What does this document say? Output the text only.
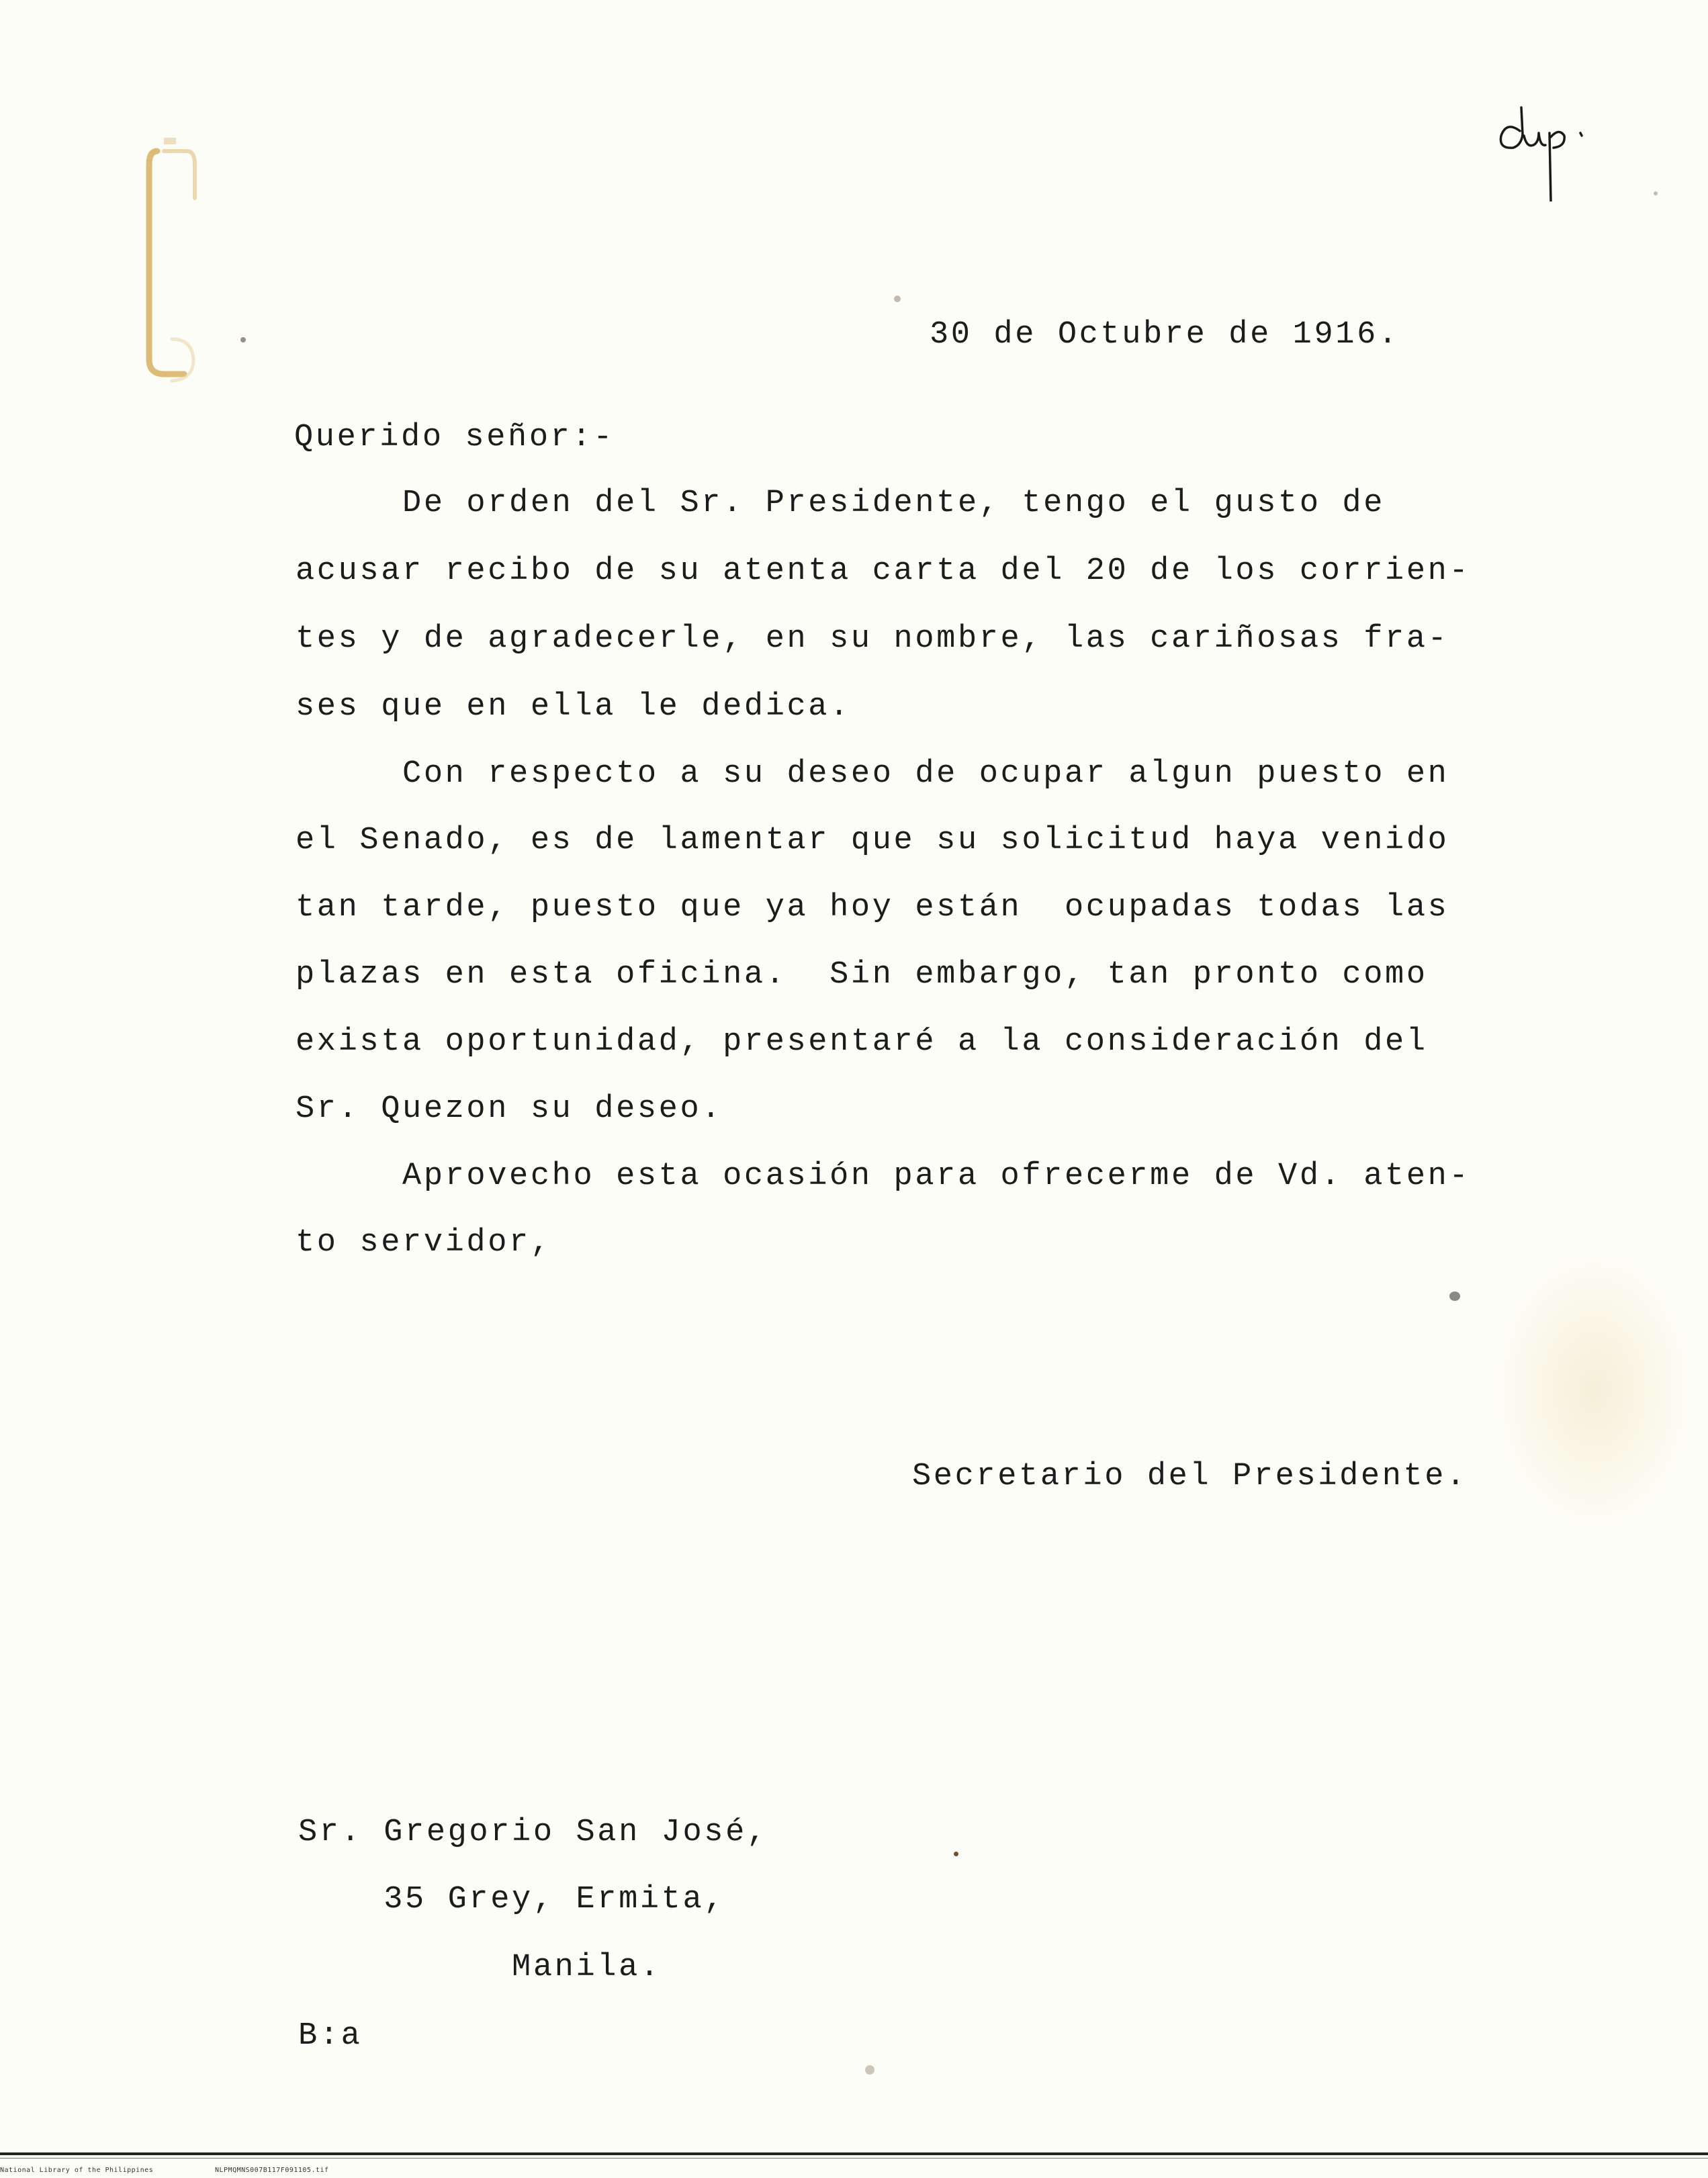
30 de Octubre de 1916.
Querido señor:-
De orden del Sr. Presidente, tengo el gusto de
acusar recibo de su atenta carta del 20 de los corrien-
tes y de agradecerle, en su nombre, las cariñosas fra-
ses que en ella le dedica.
Con respecto a su deseo de ocupar algun puesto en
el Senado, es de lamentar que su solicitud haya venido
tan tarde, puesto que ya hoy están  ocupadas todas las
plazas en esta oficina.  Sin embargo, tan pronto como
exista oportunidad, presentaré a la consideración del
Sr. Quezon su deseo.
Aprovecho esta ocasión para ofrecerme de Vd. aten-
to servidor,
Secretario del Presidente.
Sr. Gregorio San José,
35 Grey, Ermita,
Manila.
B:a
National Library of the Philippines	NLPMQMNS007B117F091105.tif
